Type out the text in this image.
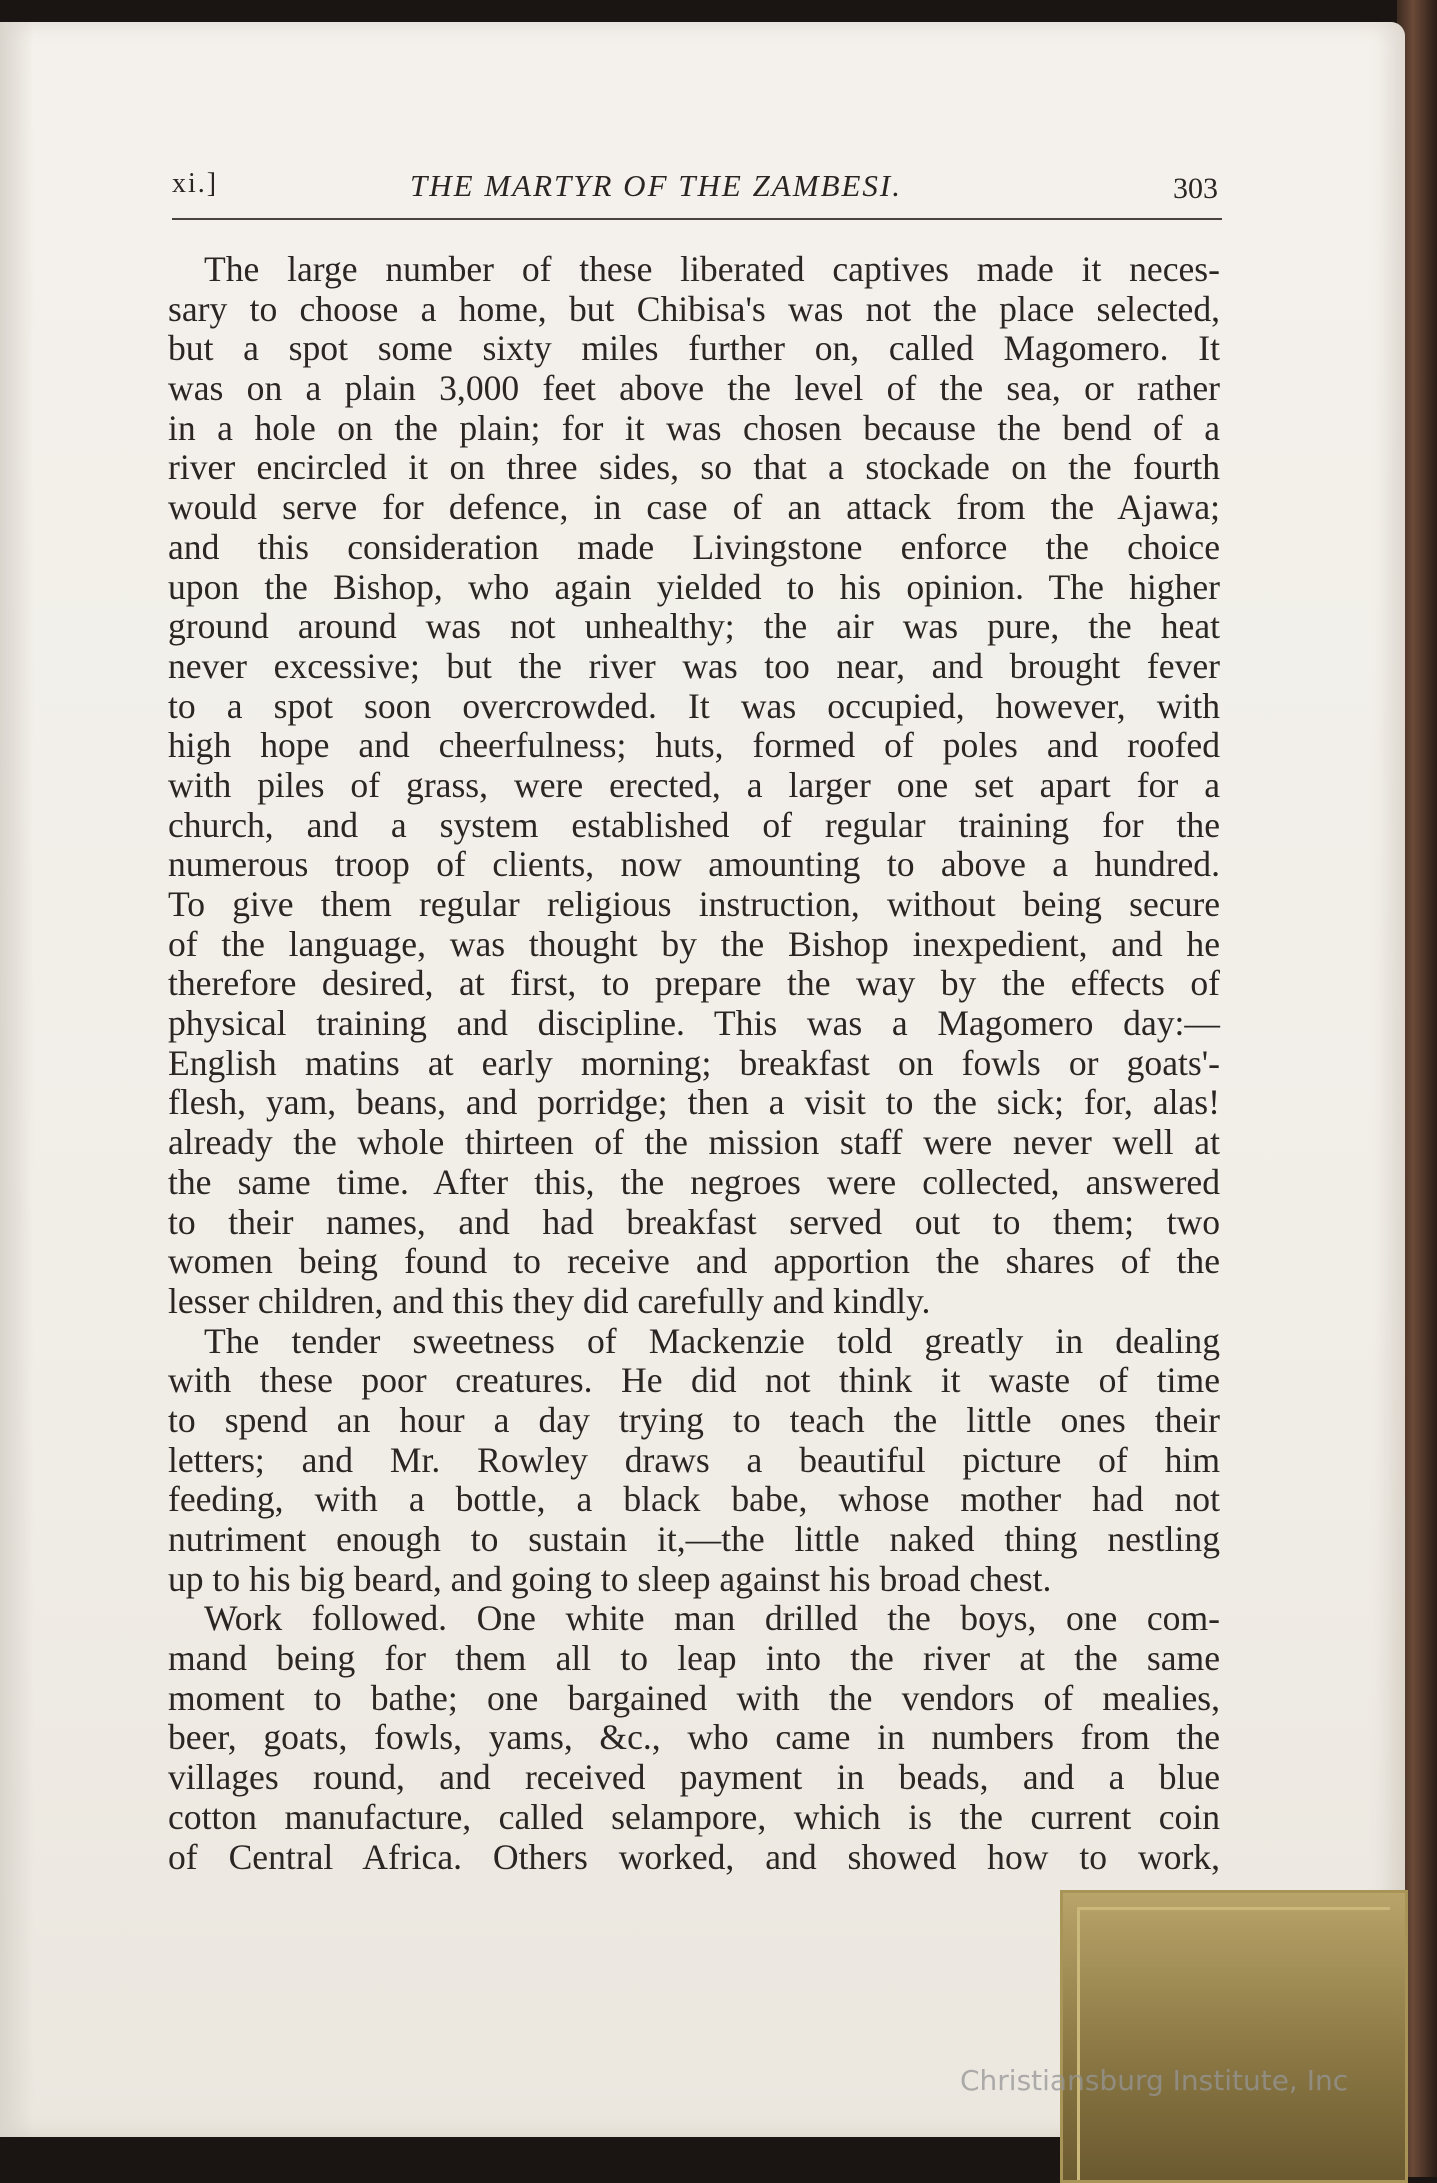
xi.]	THE MARTYR OF THE ZAMBESI.	303
The large number of these liberated captives made it neces-
sary to choose a home, but Chibisa's was not the place selected,
but a spot some sixty miles further on, called Magomero. It
was on a plain 3,000 feet above the level of the sea, or rather
in a hole on the plain; for it was chosen because the bend of a
river encircled it on three sides, so that a stockade on the fourth
would serve for defence, in case of an attack from the Ajawa;
and this consideration made Livingstone enforce the choice
upon the Bishop, who again yielded to his opinion. The higher
ground around was not unhealthy; the air was pure, the heat
never excessive; but the river was too near, and brought fever
to a spot soon overcrowded. It was occupied, however, with
high hope and cheerfulness; huts, formed of poles and roofed
with piles of grass, were erected, a larger one set apart for a
church, and a system established of regular training for the
numerous troop of clients, now amounting to above a hundred.
To give them regular religious instruction, without being secure
of the language, was thought by the Bishop inexpedient, and he
therefore desired, at first, to prepare the way by the effects of
physical training and discipline. This was a Magomero day:—
English matins at early morning; breakfast on fowls or goats'-
flesh, yam, beans, and porridge; then a visit to the sick; for, alas!
already the whole thirteen of the mission staff were never well at
the same time. After this, the negroes were collected, answered
to their names, and had breakfast served out to them; two
women being found to receive and apportion the shares of the
lesser children, and this they did carefully and kindly.
The tender sweetness of Mackenzie told greatly in dealing
with these poor creatures. He did not think it waste of time
to spend an hour a day trying to teach the little ones their
letters; and Mr. Rowley draws a beautiful picture of him
feeding, with a bottle, a black babe, whose mother had not
nutriment enough to sustain it,—the little naked thing nestling
up to his big beard, and going to sleep against his broad chest.
Work followed. One white man drilled the boys, one com-
mand being for them all to leap into the river at the same
moment to bathe; one bargained with the vendors of mealies,
beer, goats, fowls, yams, &c., who came in numbers from the
villages round, and received payment in beads, and a blue
cotton manufacture, called selampore, which is the current coin
of Central Africa. Others worked, and showed how to work,
Christiansburg Institute, Inc
